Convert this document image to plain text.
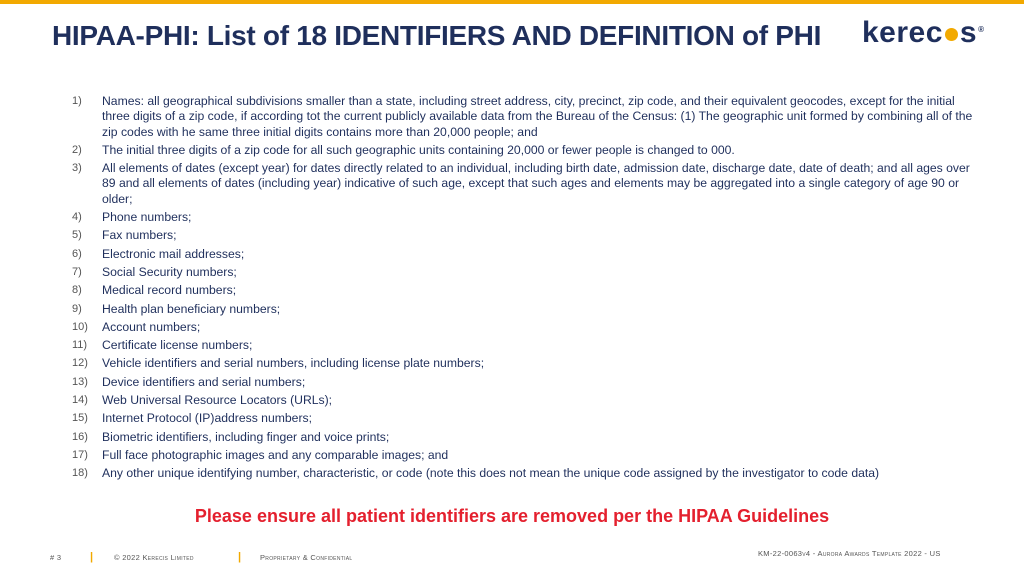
HIPAA-PHI: List of 18 IDENTIFIERS AND DEFINITION of PHI	kerec s ®
1)	Names: all geographical subdivisions smaller than a state, including street address, city, precinct, zip code, and their equivalent geocodes, except for the initial three digits of a zip code, if according tot the current publicly available data from the Bureau of the Census: (1) The geographic unit formed by combining all of the zip codes with he same three initial digits contains more than 20,000 people; and
2)	The initial three digits of a zip code for all such geographic units containing 20,000 or fewer people is changed to 000.
3)	All elements of dates (except year) for dates directly related to an individual, including birth date, admission date, discharge date, date of death; and all ages over 89 and all elements of dates (including year) indicative of such age, except that such ages and elements may be aggregated into a single category of age 90 or older;
4)	Phone numbers;
5)	Fax numbers;
6)	Electronic mail addresses;
7)	Social Security numbers;
8)	Medical record numbers;
9)	Health plan beneficiary numbers;
10)	Account numbers;
11)	Certificate license numbers;
12)	Vehicle identifiers and serial numbers, including license plate numbers;
13)	Device identifiers and serial numbers;
14)	Web Universal Resource Locators (URLs);
15)	Internet Protocol (IP)address numbers;
16)	Biometric identifiers, including finger and voice prints;
17)	Full face photographic images and any comparable images; and
18)	Any other unique identifying number, characteristic, or code (note this does not mean the unique code assigned by the investigator to code data)
Please ensure all patient identifiers are removed per the HIPAA Guidelines
# 3	|	© 2022 Kerecis Limited	|	Proprietary & Confidential	KM-22-0063v4 - Aurora Awards Template 2022 - US
